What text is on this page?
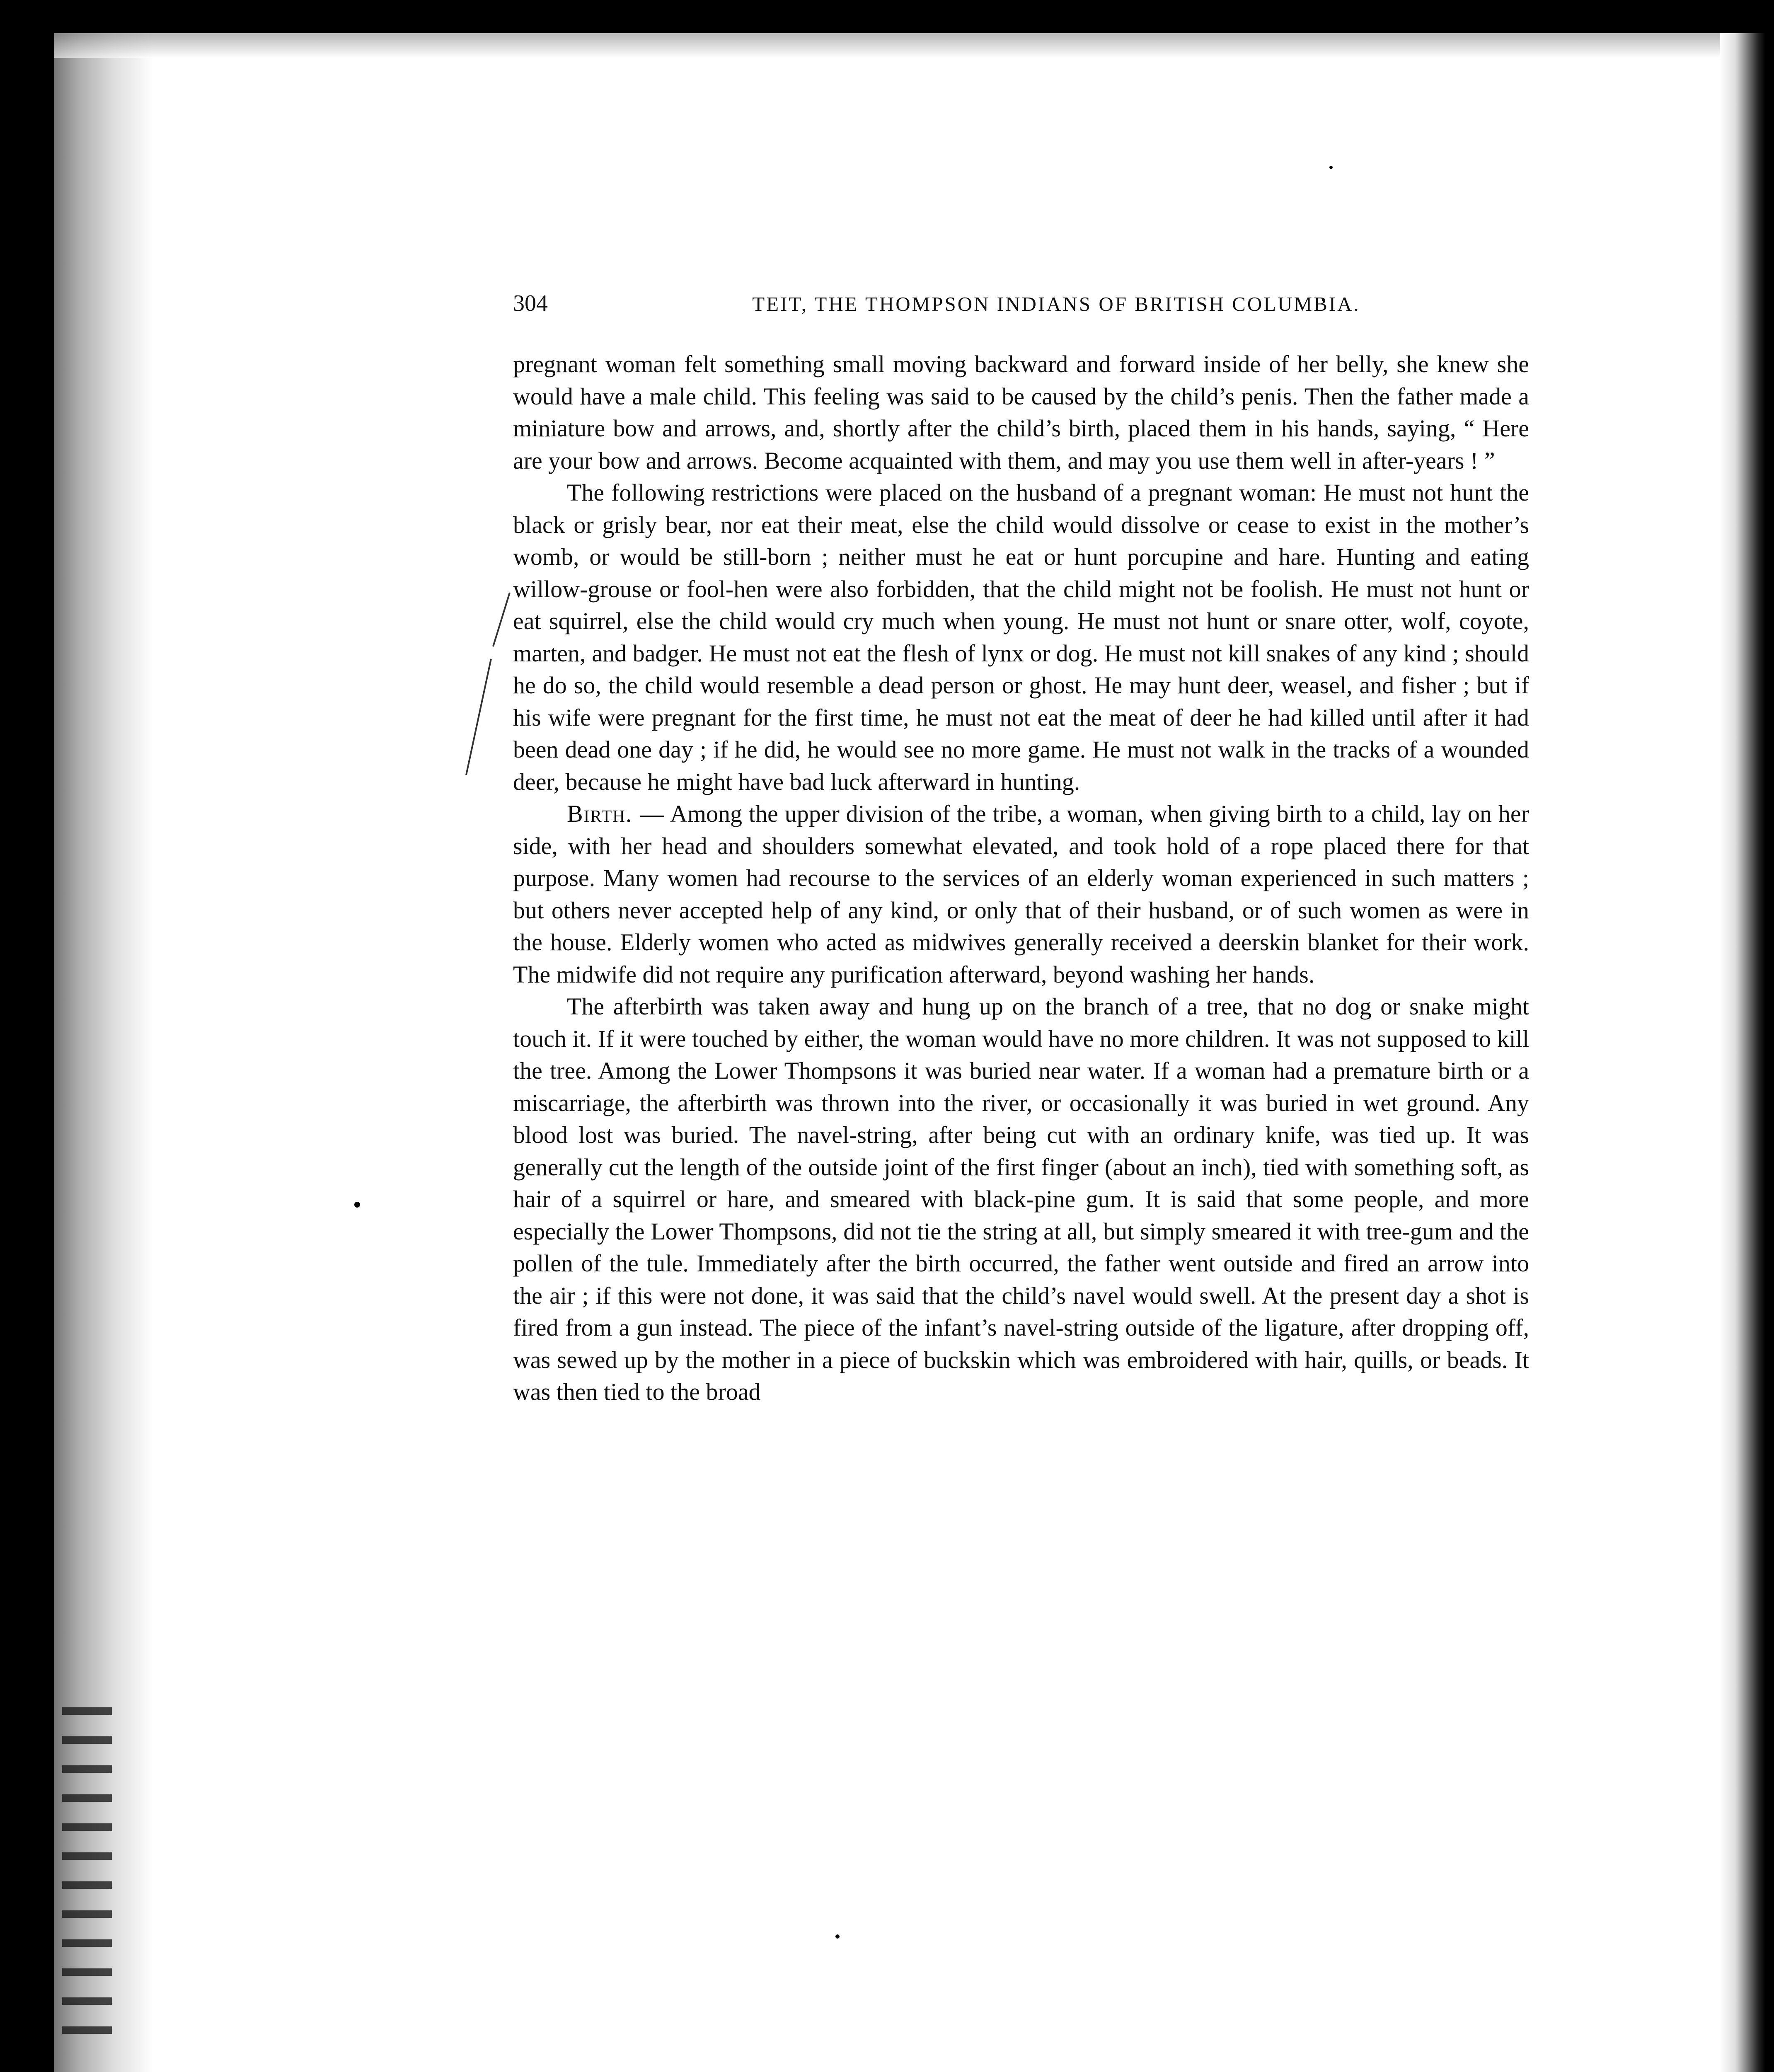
304	TEIT, THE THOMPSON INDIANS OF BRITISH COLUMBIA.

pregnant woman felt something small moving backward and forward inside of her belly, she knew she would have a male child. This feeling was said to be caused by the child’s penis. Then the father made a miniature bow and arrows, and, shortly after the child’s birth, placed them in his hands, saying, “ Here are your bow and arrows. Become acquainted with them, and may you use them well in after-years ! ”

The following restrictions were placed on the husband of a pregnant woman: He must not hunt the black or grisly bear, nor eat their meat, else the child would dissolve or cease to exist in the mother’s womb, or would be still-born ; neither must he eat or hunt porcupine and hare. Hunting and eating willow-grouse or fool-hen were also forbidden, that the child might not be foolish. He must not hunt or eat squirrel, else the child would cry much when young. He must not hunt or snare otter, wolf, coyote, marten, and badger. He must not eat the flesh of lynx or dog. He must not kill snakes of any kind ; should he do so, the child would resemble a dead person or ghost. He may hunt deer, weasel, and fisher ; but if his wife were pregnant for the first time, he must not eat the meat of deer he had killed until after it had been dead one day ; if he did, he would see no more game. He must not walk in the tracks of a wounded deer, because he might have bad luck afterward in hunting.

Birth. — Among the upper division of the tribe, a woman, when giving birth to a child, lay on her side, with her head and shoulders somewhat elevated, and took hold of a rope placed there for that purpose. Many women had recourse to the services of an elderly woman experienced in such matters ; but others never accepted help of any kind, or only that of their husband, or of such women as were in the house. Elderly women who acted as midwives generally received a deerskin blanket for their work. The midwife did not require any purification afterward, beyond washing her hands.

The afterbirth was taken away and hung up on the branch of a tree, that no dog or snake might touch it. If it were touched by either, the woman would have no more children. It was not supposed to kill the tree. Among the Lower Thompsons it was buried near water. If a woman had a premature birth or a miscarriage, the afterbirth was thrown into the river, or occasionally it was buried in wet ground. Any blood lost was buried. The navel-string, after being cut with an ordinary knife, was tied up. It was generally cut the length of the outside joint of the first finger (about an inch), tied with something soft, as hair of a squirrel or hare, and smeared with black-pine gum. It is said that some people, and more especially the Lower Thompsons, did not tie the string at all, but simply smeared it with tree-gum and the pollen of the tule. Immediately after the birth occurred, the father went outside and fired an arrow into the air ; if this were not done, it was said that the child’s navel would swell. At the present day a shot is fired from a gun instead. The piece of the infant’s navel-string outside of the ligature, after dropping off, was sewed up by the mother in a piece of buckskin which was embroidered with hair, quills, or beads. It was then tied to the broad
